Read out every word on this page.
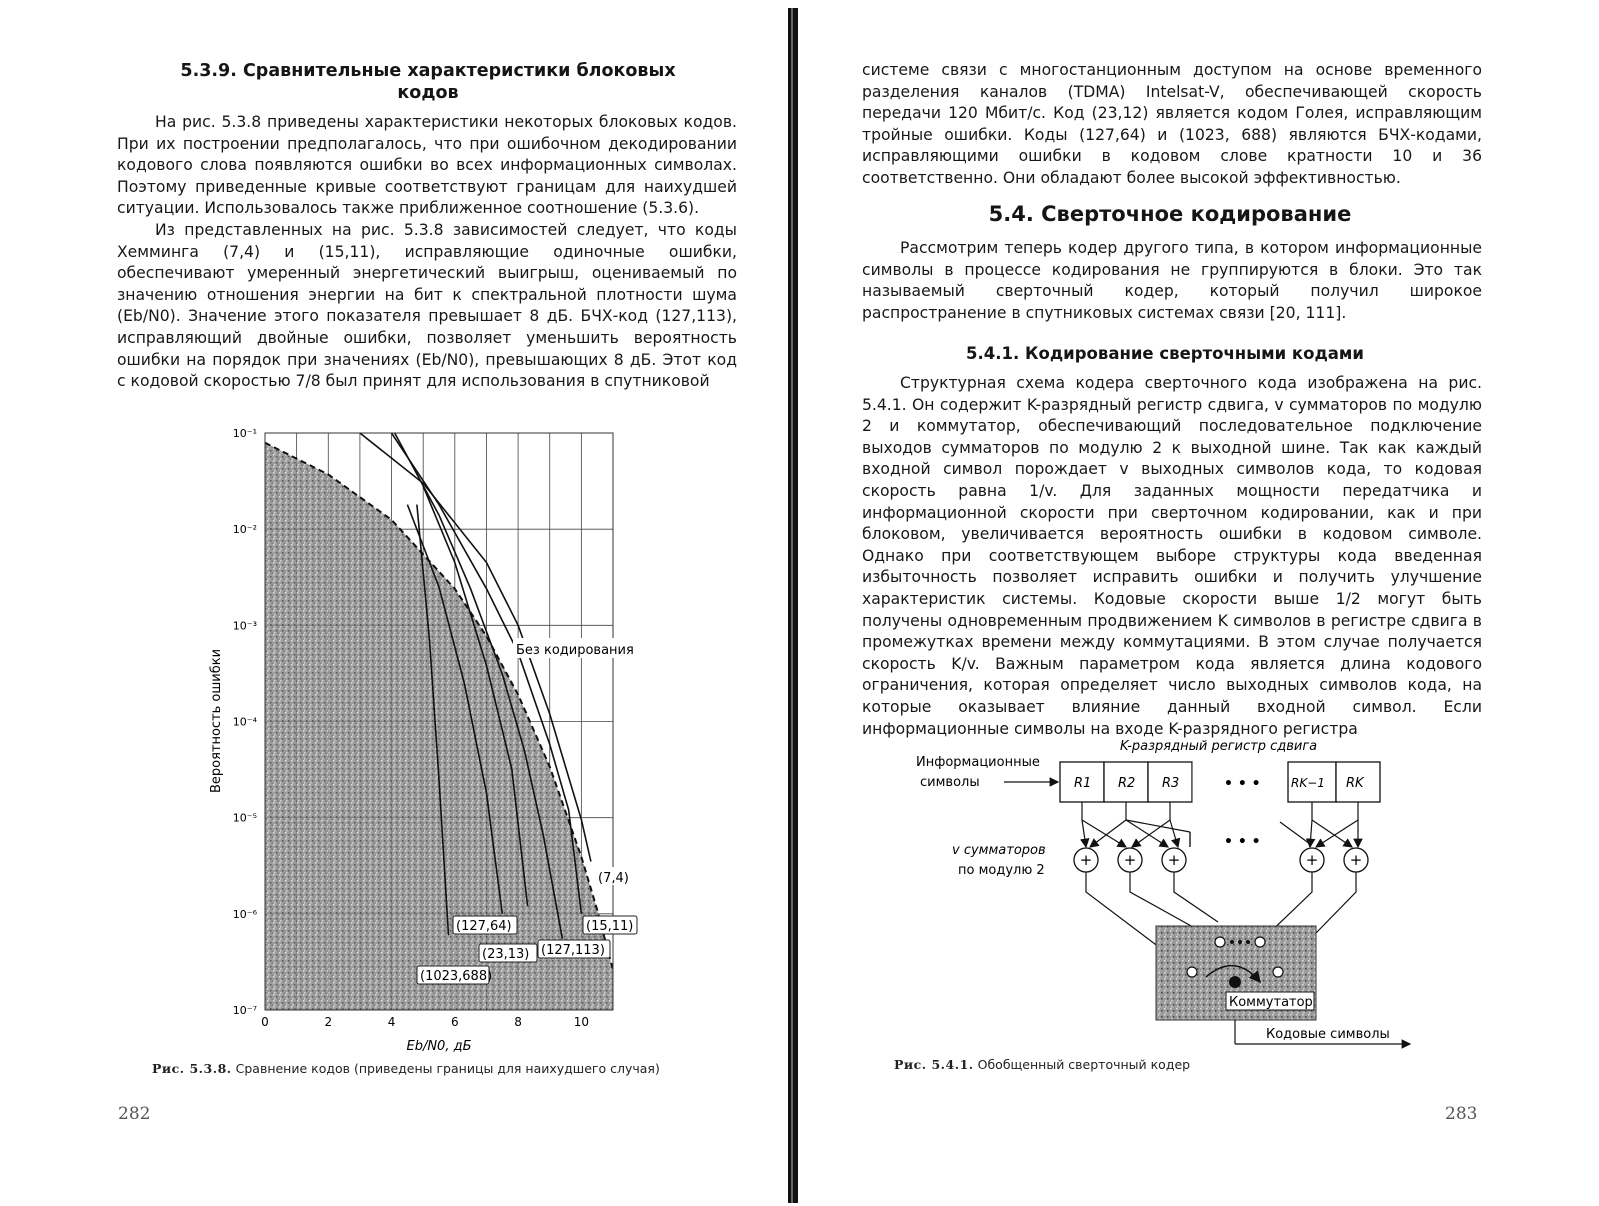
5.3.9. Сравнительные характеристики блоковых кодов

На рис. 5.3.8 приведены характеристики некоторых блоковых кодов. При их построении предполагалось, что при ошибочном декодировании кодового слова появляются ошибки во всех информационных символах. Поэтому приведенные кривые соответствуют границам для наихудшей ситуации. Использовалось также приближенное соотношение (5.3.6).

Из представленных на рис. 5.3.8 зависимостей следует, что коды Хемминга (7,4) и (15,11), исправляющие одиночные ошибки, обеспечивают умеренный энергетический выигрыш, оцениваемый по значению отношения энергии на бит к спектральной плотности шума (Eb/N0). Значение этого показателя превышает 8 дБ. БЧХ-код (127,113), исправляющий двойные ошибки, позволяет уменьшить вероятность ошибки на порядок при значениях (Eb/N0), превышающих 8 дБ. Этот код с кодовой скоростью 7/8 был принят для использования в спутниковой

10⁻¹
10⁻²
10⁻³
10⁻⁴
10⁻⁵
10⁻⁶
10⁻⁷
0	2	4	6	8	10
Вероятность ошибки
Eb/N0, дБ
Без кодирования
(7,4)
(15,11)
(127,64)
(23,13) (127,113)
(1023,688)

Рис. 5.3.8. Сравнение кодов (приведены границы для наихудшего случая)

282

системе связи с многостанционным доступом на основе временного разделения каналов (TDMA) Intelsat-V, обеспечивающей скорость передачи 120 Мбит/с. Код (23,12) является кодом Голея, исправляющим тройные ошибки. Коды (127,64) и (1023, 688) являются БЧХ-кодами, исправляющими ошибки в кодовом слове кратности 10 и 36 соответственно. Они обладают более высокой эффективностью.

5.4. Сверточное кодирование

Рассмотрим теперь кодер другого типа, в котором информационные символы в процессе кодирования не группируются в блоки. Это так называемый сверточный кодер, который получил широкое распространение в спутниковых системах связи [20, 111].

5.4.1. Кодирование сверточными кодами

Структурная схема кодера сверточного кода изображена на рис. 5.4.1. Он содержит K-разрядный регистр сдвига, v сумматоров по модулю 2 и коммутатор, обеспечивающий последовательное подключение выходов сумматоров по модулю 2 к выходной шине. Так как каждый входной символ порождает v выходных символов кода, то кодовая скорость равна 1/v. Для заданных мощности передатчика и информационной скорости при сверточном кодировании, как и при блоковом, увеличивается вероятность ошибки в кодовом символе. Однако при соответствующем выборе структуры кода введенная избыточность позволяет исправить ошибки и получить улучшение характеристик системы. Кодовые скорости выше 1/2 могут быть получены одновременным продвижением K символов в регистре сдвига в промежутках времени между коммутациями. В этом случае получается скорость K/v. Важным параметром кода является длина кодового ограничения, которая определяет число выходных символов кода, на которые оказывает влияние данный входной символ. Если информационные символы на входе K-разрядного регистра

K-разрядный регистр сдвига
Информационные
символы	R1 R2 R3	RK−1 RK
• • •
• • •
+ + +	+ +
v сумматоров
по модулю 2
Коммутатор
Кодовые символы

Рис. 5.4.1. Обобщенный сверточный кодер

283
